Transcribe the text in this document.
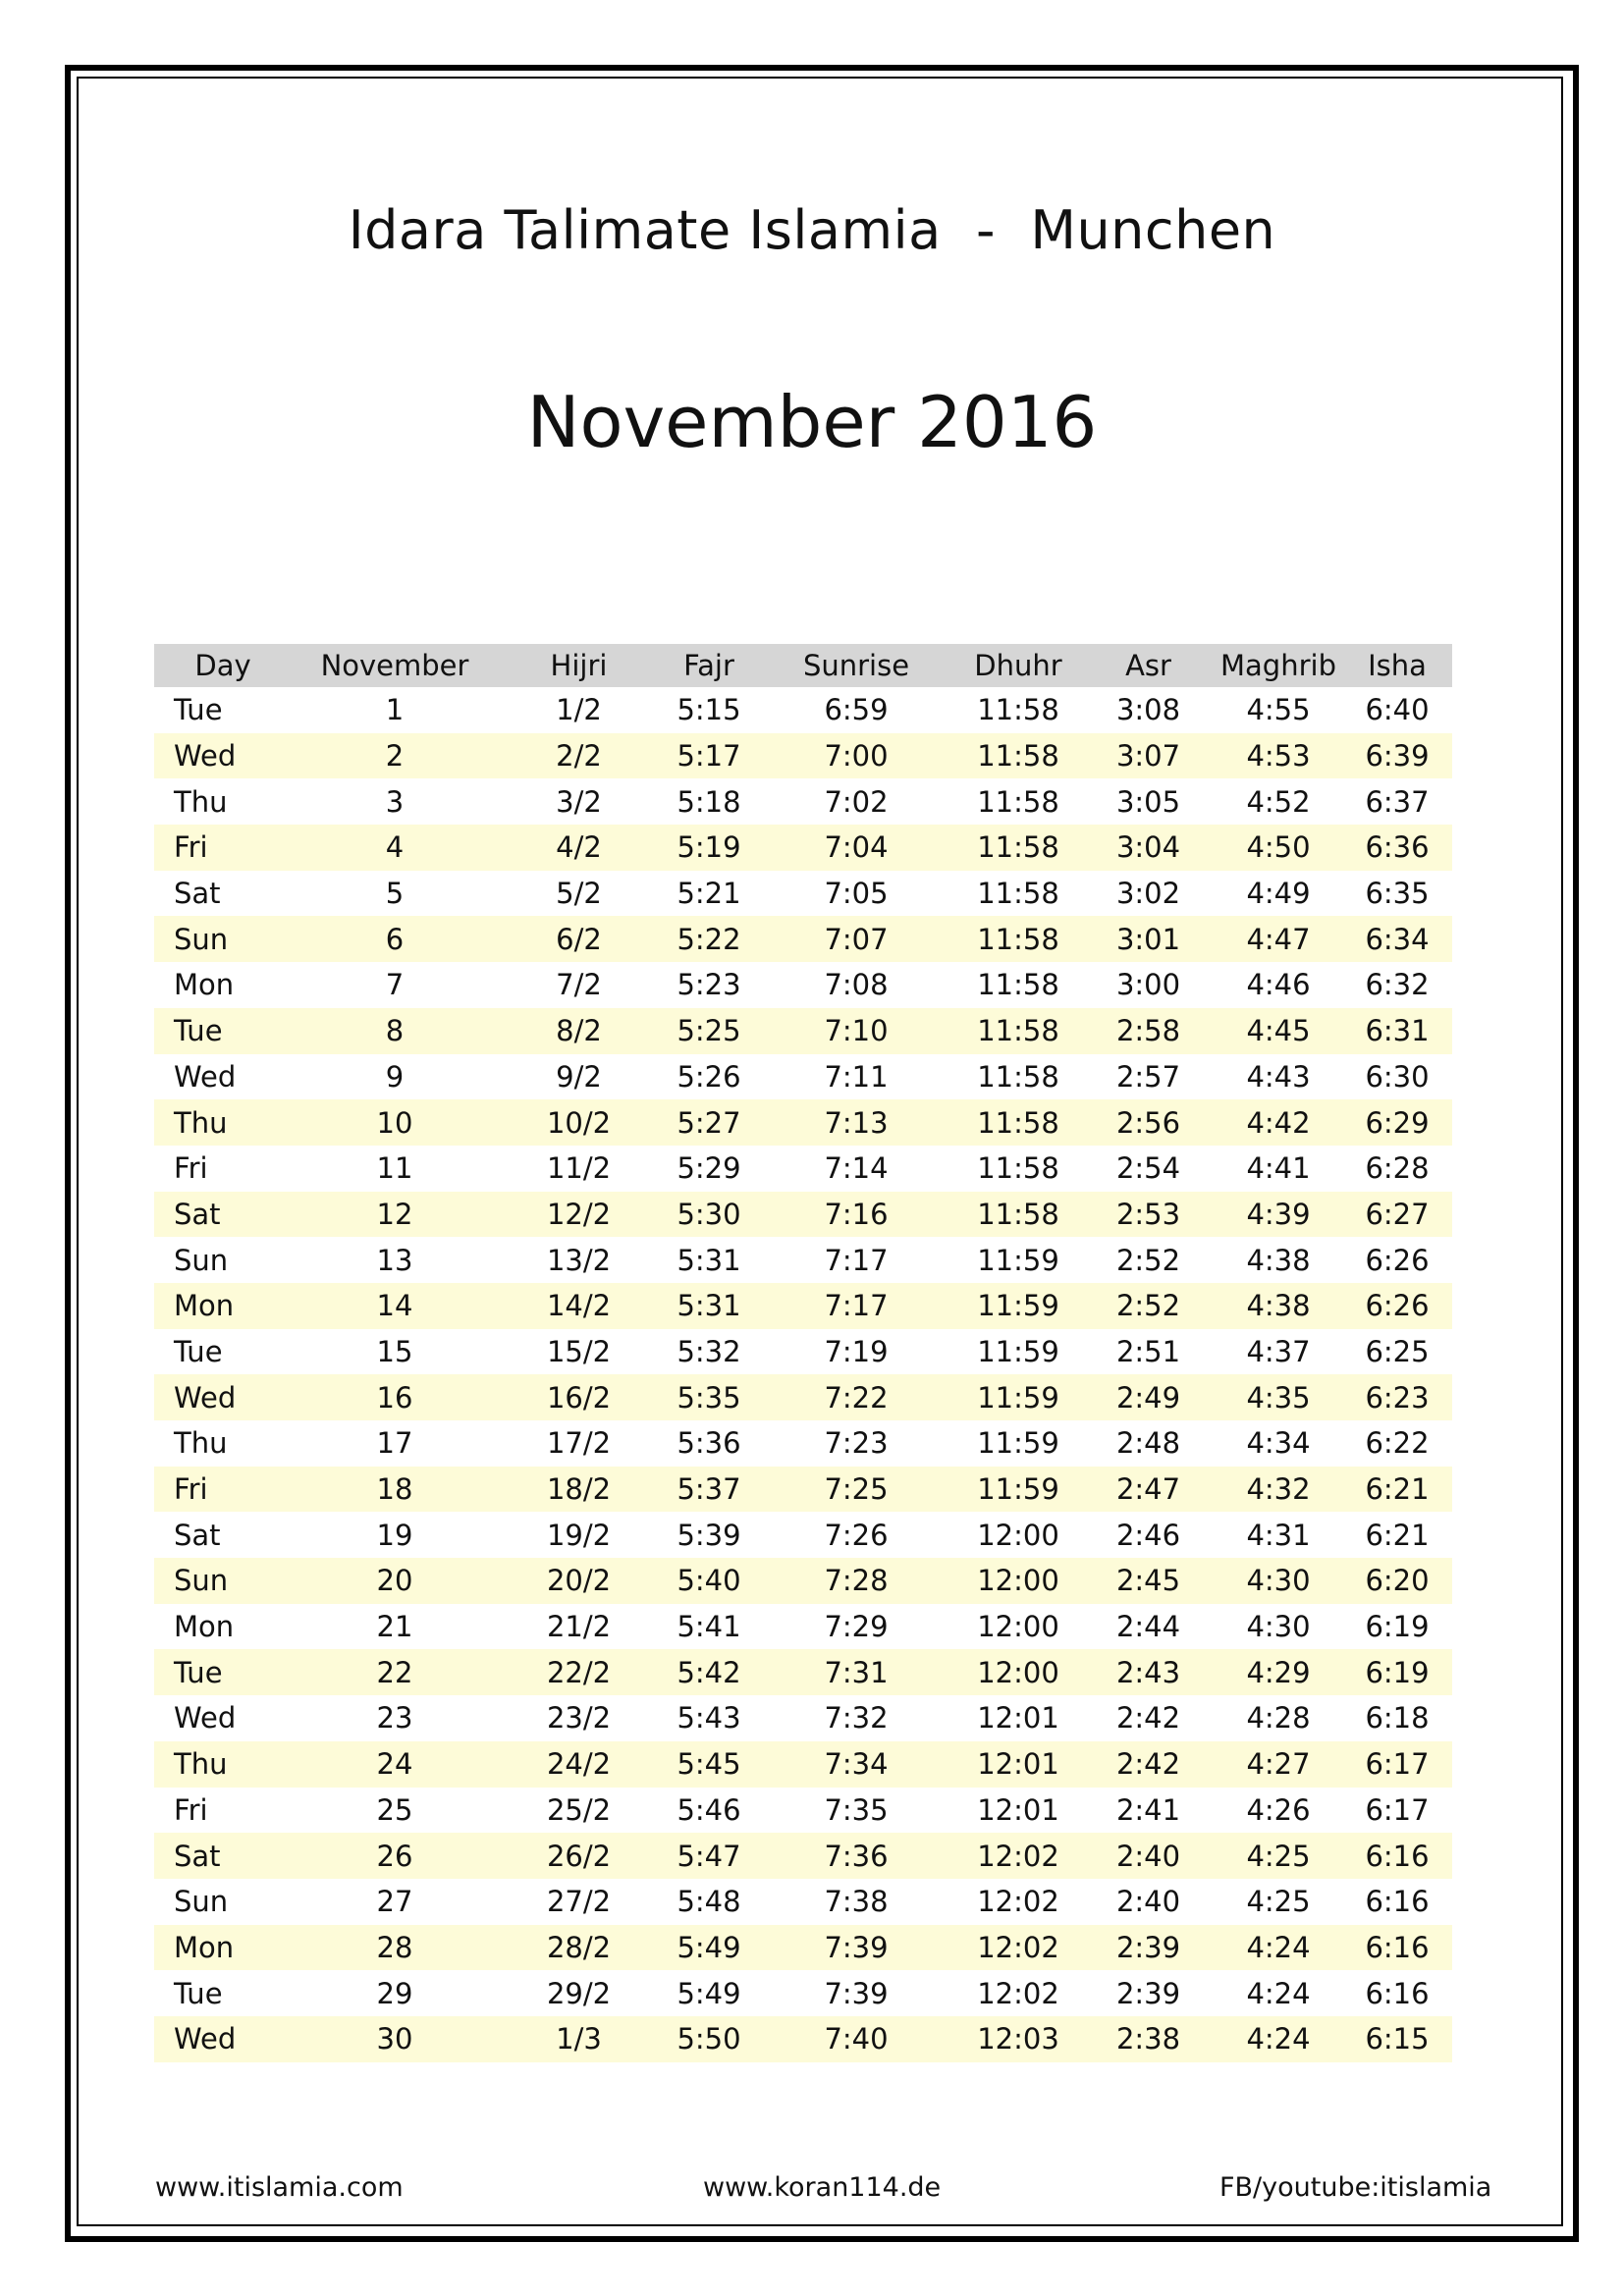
Idara Talimate Islamia  -  Munchen
November 2016
Day	November	Hijri	Fajr	Sunrise	Dhuhr	Asr	Maghrib	Isha
Tue	1	1/2	5:15	6:59	11:58	3:08	4:55	6:40
Wed	2	2/2	5:17	7:00	11:58	3:07	4:53	6:39
Thu	3	3/2	5:18	7:02	11:58	3:05	4:52	6:37
Fri	4	4/2	5:19	7:04	11:58	3:04	4:50	6:36
Sat	5	5/2	5:21	7:05	11:58	3:02	4:49	6:35
Sun	6	6/2	5:22	7:07	11:58	3:01	4:47	6:34
Mon	7	7/2	5:23	7:08	11:58	3:00	4:46	6:32
Tue	8	8/2	5:25	7:10	11:58	2:58	4:45	6:31
Wed	9	9/2	5:26	7:11	11:58	2:57	4:43	6:30
Thu	10	10/2	5:27	7:13	11:58	2:56	4:42	6:29
Fri	11	11/2	5:29	7:14	11:58	2:54	4:41	6:28
Sat	12	12/2	5:30	7:16	11:58	2:53	4:39	6:27
Sun	13	13/2	5:31	7:17	11:59	2:52	4:38	6:26
Mon	14	14/2	5:31	7:17	11:59	2:52	4:38	6:26
Tue	15	15/2	5:32	7:19	11:59	2:51	4:37	6:25
Wed	16	16/2	5:35	7:22	11:59	2:49	4:35	6:23
Thu	17	17/2	5:36	7:23	11:59	2:48	4:34	6:22
Fri	18	18/2	5:37	7:25	11:59	2:47	4:32	6:21
Sat	19	19/2	5:39	7:26	12:00	2:46	4:31	6:21
Sun	20	20/2	5:40	7:28	12:00	2:45	4:30	6:20
Mon	21	21/2	5:41	7:29	12:00	2:44	4:30	6:19
Tue	22	22/2	5:42	7:31	12:00	2:43	4:29	6:19
Wed	23	23/2	5:43	7:32	12:01	2:42	4:28	6:18
Thu	24	24/2	5:45	7:34	12:01	2:42	4:27	6:17
Fri	25	25/2	5:46	7:35	12:01	2:41	4:26	6:17
Sat	26	26/2	5:47	7:36	12:02	2:40	4:25	6:16
Sun	27	27/2	5:48	7:38	12:02	2:40	4:25	6:16
Mon	28	28/2	5:49	7:39	12:02	2:39	4:24	6:16
Tue	29	29/2	5:49	7:39	12:02	2:39	4:24	6:16
Wed	30	1/3	5:50	7:40	12:03	2:38	4:24	6:15
www.itislamia.com	www.koran114.de	FB/youtube:itislamia
